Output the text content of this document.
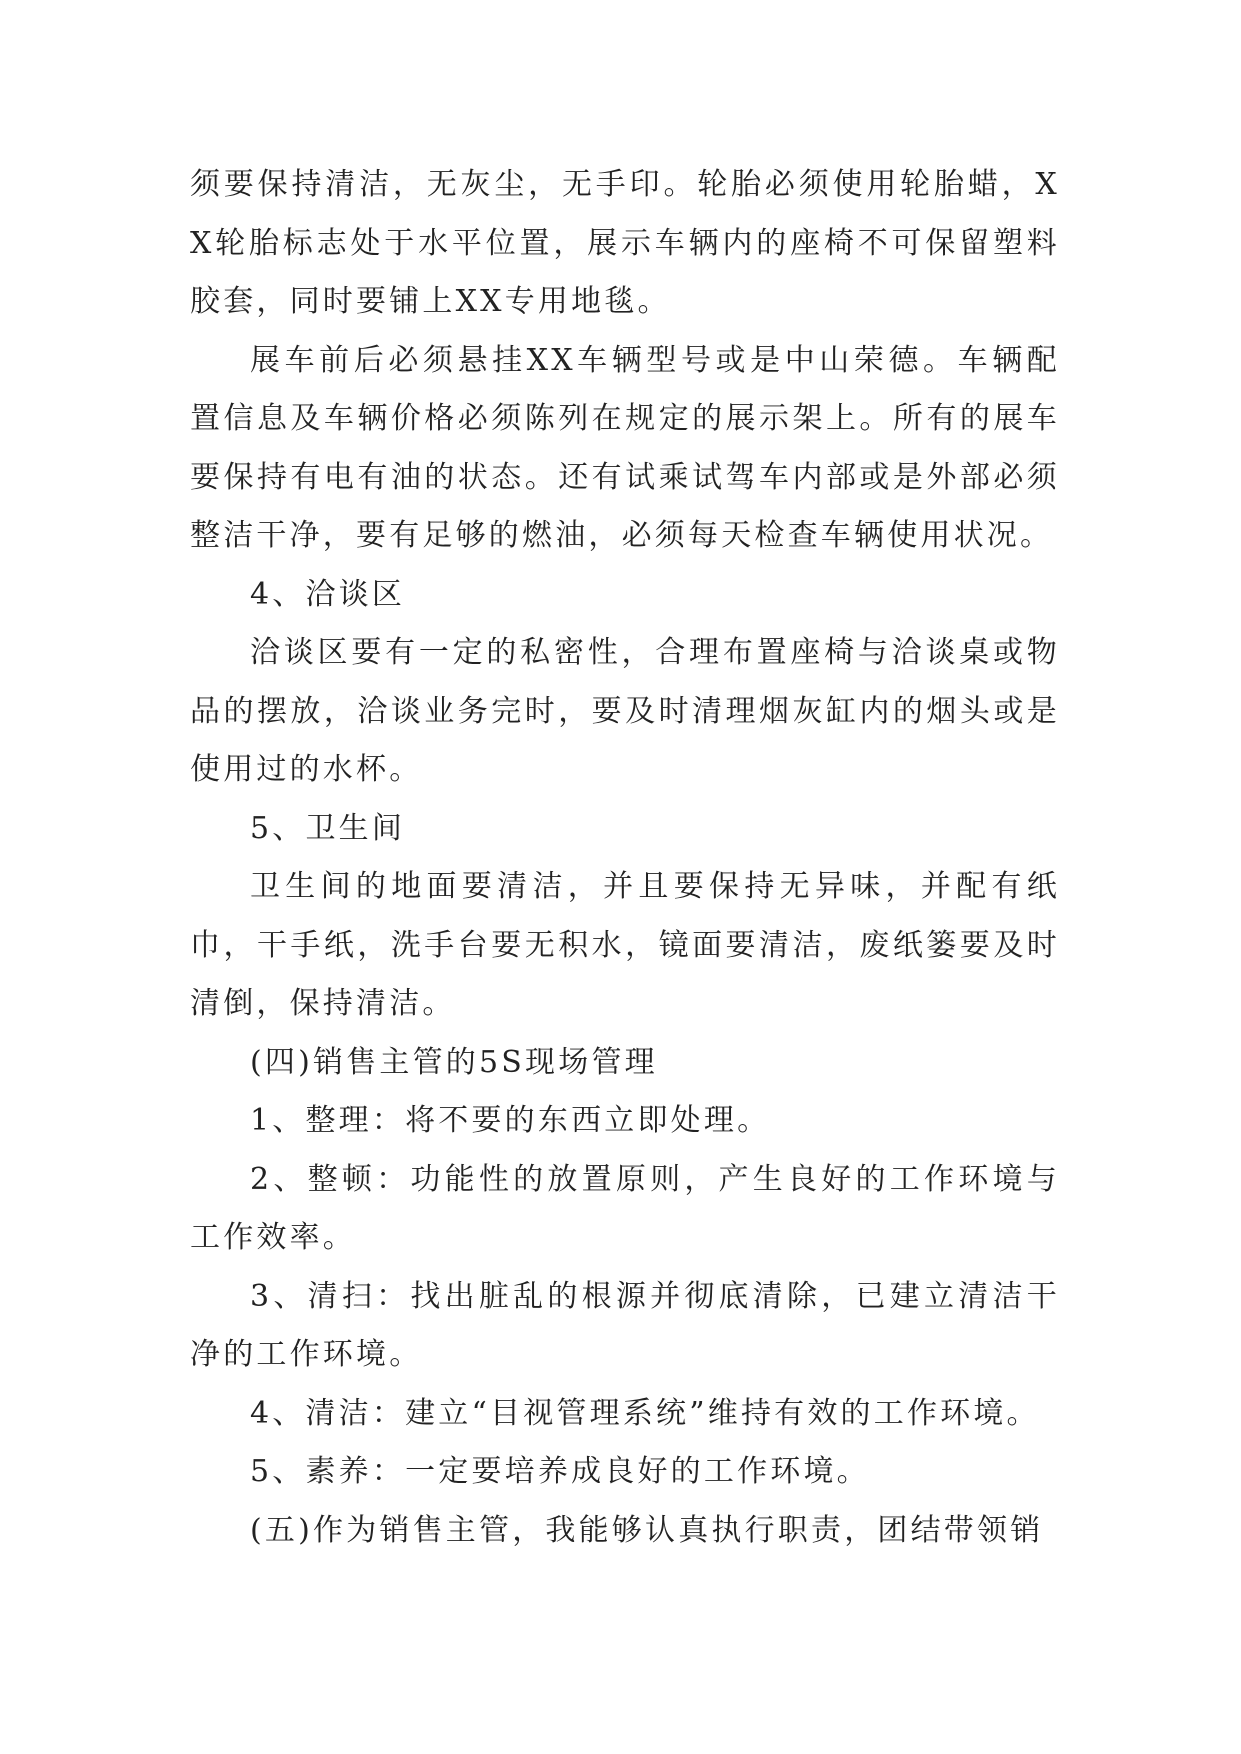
须要保持清洁，无灰尘，无手印。轮胎必须使用轮胎蜡，XX轮胎标志处于水平位置，展示车辆内的座椅不可保留塑料胶套，同时要铺上XX专用地毯。

展车前后必须悬挂XX车辆型号或是中山荣德。车辆配置信息及车辆价格必须陈列在规定的展示架上。所有的展车要保持有电有油的状态。还有试乘试驾车内部或是外部必须整洁干净，要有足够的燃油，必须每天检查车辆使用状况。

4、洽谈区

洽谈区要有一定的私密性，合理布置座椅与洽谈桌或物品的摆放，洽谈业务完时，要及时清理烟灰缸内的烟头或是使用过的水杯。

5、卫生间

卫生间的地面要清洁，并且要保持无异味，并配有纸巾，干手纸，洗手台要无积水，镜面要清洁，废纸篓要及时清倒，保持清洁。

(四)销售主管的5S现场管理

1、整理：将不要的东西立即处理。

2、整顿：功能性的放置原则，产生良好的工作环境与工作效率。

3、清扫：找出脏乱的根源并彻底清除，已建立清洁干净的工作环境。

4、清洁：建立“目视管理系统”维持有效的工作环境。

5、素养：一定要培养成良好的工作环境。

(五)作为销售主管，我能够认真执行职责，团结带领销
